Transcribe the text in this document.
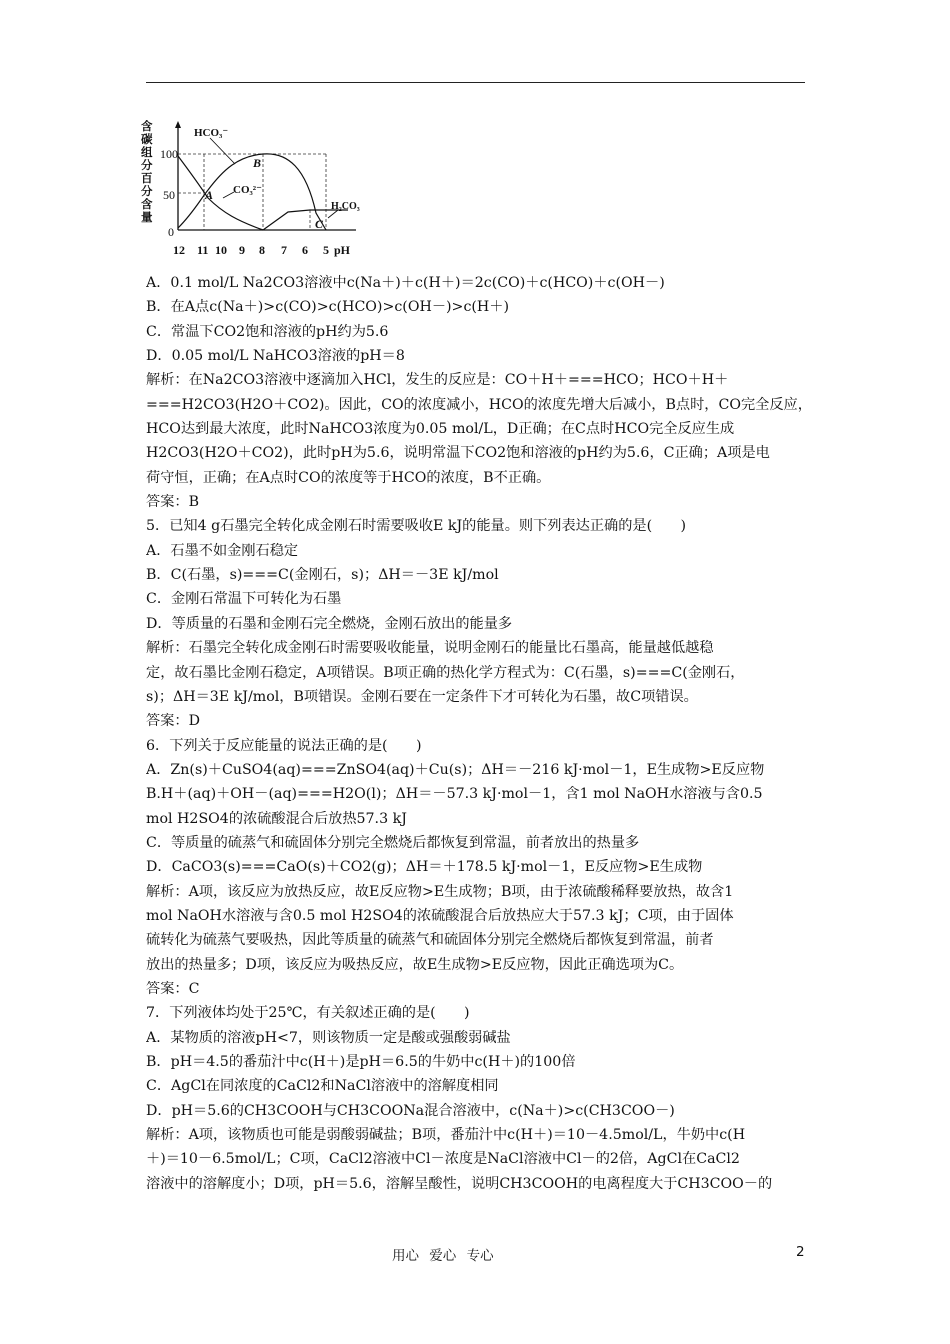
含
碳
组
分
百
分
含
量
100
50
0
HCO₃⁻
CO₃²⁻
H₂CO₃
A
B
C
12 11 10 9 8 7 6 5 pH
A．0.1 mol/L Na2CO3溶液中c(Na＋)＋c(H＋)＝2c(CO)＋c(HCO)＋c(OH－)
B．在A点c(Na＋)>c(CO)>c(HCO)>c(OH－)>c(H＋)
C．常温下CO2饱和溶液的pH约为5.6
D．0.05 mol/L NaHCO3溶液的pH＝8
解析：在Na2CO3溶液中逐滴加入HCl，发生的反应是：CO＋H＋===HCO；HCO＋H＋
===H2CO3(H2O＋CO2)。因此，CO的浓度减小，HCO的浓度先增大后减小，B点时，CO完全反应，
HCO达到最大浓度，此时NaHCO3浓度为0.05 mol/L，D正确；在C点时HCO完全反应生成
H2CO3(H2O＋CO2)，此时pH为5.6，说明常温下CO2饱和溶液的pH约为5.6，C正确；A项是电
荷守恒，正确；在A点时CO的浓度等于HCO的浓度，B不正确。
答案：B
5．已知4 g石墨完全转化成金刚石时需要吸收E kJ的能量。则下列表达正确的是(　　)
A．石墨不如金刚石稳定
B．C(石墨，s)===C(金刚石，s)；ΔH＝－3E kJ/mol
C．金刚石常温下可转化为石墨
D．等质量的石墨和金刚石完全燃烧，金刚石放出的能量多
解析：石墨完全转化成金刚石时需要吸收能量，说明金刚石的能量比石墨高，能量越低越稳
定，故石墨比金刚石稳定，A项错误。B项正确的热化学方程式为：C(石墨，s)===C(金刚石，
s)；ΔH＝3E kJ/mol，B项错误。金刚石要在一定条件下才可转化为石墨，故C项错误。
答案：D
6．下列关于反应能量的说法正确的是(　　)
A．Zn(s)＋CuSO4(aq)===ZnSO4(aq)＋Cu(s)；ΔH＝－216 kJ·mol－1，E生成物>E反应物
B.H＋(aq)＋OH－(aq)===H2O(l)；ΔH＝－57.3 kJ·mol－1，含1 mol NaOH水溶液与含0.5
mol H2SO4的浓硫酸混合后放热57.3 kJ
C．等质量的硫蒸气和硫固体分别完全燃烧后都恢复到常温，前者放出的热量多
D．CaCO3(s)===CaO(s)＋CO2(g)；ΔH＝＋178.5 kJ·mol－1，E反应物>E生成物
解析：A项，该反应为放热反应，故E反应物>E生成物；B项，由于浓硫酸稀释要放热，故含1
mol NaOH水溶液与含0.5 mol H2SO4的浓硫酸混合后放热应大于57.3 kJ；C项，由于固体
硫转化为硫蒸气要吸热，因此等质量的硫蒸气和硫固体分别完全燃烧后都恢复到常温，前者
放出的热量多；D项，该反应为吸热反应，故E生成物>E反应物，因此正确选项为C。
答案：C
7．下列液体均处于25℃，有关叙述正确的是(　　)
A．某物质的溶液pH<7，则该物质一定是酸或强酸弱碱盐
B．pH＝4.5的番茄汁中c(H＋)是pH＝6.5的牛奶中c(H＋)的100倍
C．AgCl在同浓度的CaCl2和NaCl溶液中的溶解度相同
D．pH＝5.6的CH3COOH与CH3COONa混合溶液中，c(Na＋)>c(CH3COO－)
解析：A项，该物质也可能是弱酸弱碱盐；B项，番茄汁中c(H＋)＝10－4.5mol/L，牛奶中c(H
＋)＝10－6.5mol/L；C项，CaCl2溶液中Cl－浓度是NaCl溶液中Cl－的2倍，AgCl在CaCl2
溶液中的溶解度小；D项，pH＝5.6，溶解呈酸性，说明CH3COOH的电离程度大于CH3COO－的
用心 爱心 专心	2
